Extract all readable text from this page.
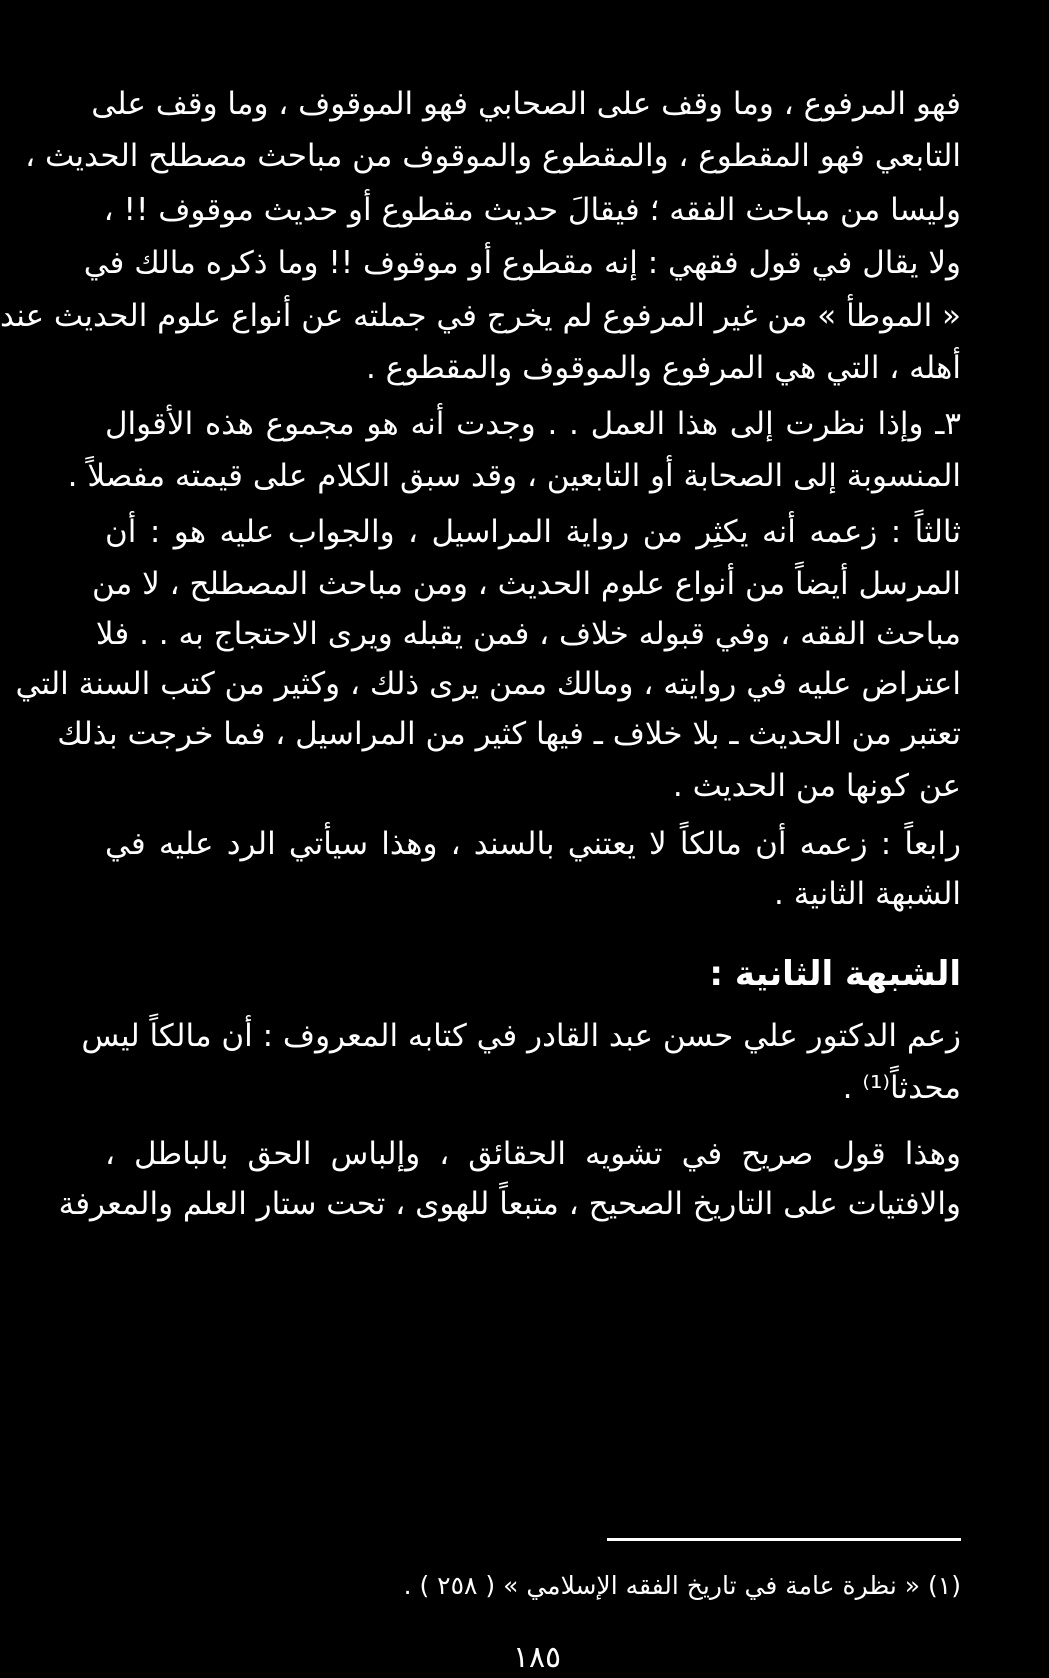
فهو المرفوع ، وما وقف على الصحابي فهو الموقوف ، وما وقف على
التابعي فهو المقطوع ، والمقطوع والموقوف من مباحث مصطلح الحديث ،
وليسا من مباحث الفقه ؛ فيقالَ حديث مقطوع أو حديث موقوف !! ،
ولا يقال في قول فقهي : إنه مقطوع أو موقوف !! وما ذكره مالك في
« الموطأ » من غير المرفوع لم يخرج في جملته عن أنواع علوم الحديث عند
أهله ، التي هي المرفوع والموقوف والمقطوع .
٣ـ وإذا نظرت إلى هذا العمل . . وجدت أنه هو مجموع هذه الأقوال
المنسوبة إلى الصحابة أو التابعين ، وقد سبق الكلام على قيمته مفصلاً .
ثالثاً : زعمه أنه يكثِر من رواية المراسيل ، والجواب عليه هو : أن
المرسل أيضاً من أنواع علوم الحديث ، ومن مباحث المصطلح ، لا من
مباحث الفقه ، وفي قبوله خلاف ، فمن يقبله ويرى الاحتجاج به . . فلا
اعتراض عليه في روايته ، ومالك ممن يرى ذلك ، وكثير من كتب السنة التي
تعتبر من الحديث ـ بلا خلاف ـ فيها كثير من المراسيل ، فما خرجت بذلك
عن كونها من الحديث .
رابعاً : زعمه أن مالكاً لا يعتني بالسند ، وهذا سيأتي الرد عليه في
الشبهة الثانية .
الشبهة الثانية :
زعم الدكتور علي حسن عبد القادر في كتابه المعروف : أن مالكاً ليس
محدثاً⁽¹⁾ .
وهذا قول صريح في تشويه الحقائق ، وإلباس الحق بالباطل ،
والافتيات على التاريخ الصحيح ، متبعاً للهوى ، تحت ستار العلم والمعرفة
(١) « نظرة عامة في تاريخ الفقه الإسلامي » ( ٢٥٨ ) .
١٨٥
